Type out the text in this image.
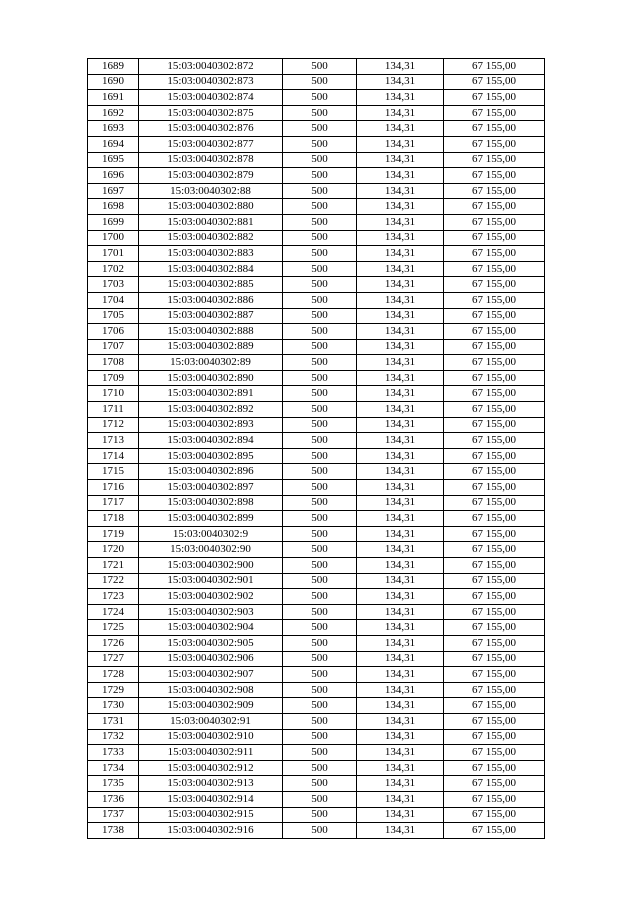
1689	15:03:0040302:872	500	134,31	67 155,00
1690	15:03:0040302:873	500	134,31	67 155,00
1691	15:03:0040302:874	500	134,31	67 155,00
1692	15:03:0040302:875	500	134,31	67 155,00
1693	15:03:0040302:876	500	134,31	67 155,00
1694	15:03:0040302:877	500	134,31	67 155,00
1695	15:03:0040302:878	500	134,31	67 155,00
1696	15:03:0040302:879	500	134,31	67 155,00
1697	15:03:0040302:88	500	134,31	67 155,00
1698	15:03:0040302:880	500	134,31	67 155,00
1699	15:03:0040302:881	500	134,31	67 155,00
1700	15:03:0040302:882	500	134,31	67 155,00
1701	15:03:0040302:883	500	134,31	67 155,00
1702	15:03:0040302:884	500	134,31	67 155,00
1703	15:03:0040302:885	500	134,31	67 155,00
1704	15:03:0040302:886	500	134,31	67 155,00
1705	15:03:0040302:887	500	134,31	67 155,00
1706	15:03:0040302:888	500	134,31	67 155,00
1707	15:03:0040302:889	500	134,31	67 155,00
1708	15:03:0040302:89	500	134,31	67 155,00
1709	15:03:0040302:890	500	134,31	67 155,00
1710	15:03:0040302:891	500	134,31	67 155,00
1711	15:03:0040302:892	500	134,31	67 155,00
1712	15:03:0040302:893	500	134,31	67 155,00
1713	15:03:0040302:894	500	134,31	67 155,00
1714	15:03:0040302:895	500	134,31	67 155,00
1715	15:03:0040302:896	500	134,31	67 155,00
1716	15:03:0040302:897	500	134,31	67 155,00
1717	15:03:0040302:898	500	134,31	67 155,00
1718	15:03:0040302:899	500	134,31	67 155,00
1719	15:03:0040302:9	500	134,31	67 155,00
1720	15:03:0040302:90	500	134,31	67 155,00
1721	15:03:0040302:900	500	134,31	67 155,00
1722	15:03:0040302:901	500	134,31	67 155,00
1723	15:03:0040302:902	500	134,31	67 155,00
1724	15:03:0040302:903	500	134,31	67 155,00
1725	15:03:0040302:904	500	134,31	67 155,00
1726	15:03:0040302:905	500	134,31	67 155,00
1727	15:03:0040302:906	500	134,31	67 155,00
1728	15:03:0040302:907	500	134,31	67 155,00
1729	15:03:0040302:908	500	134,31	67 155,00
1730	15:03:0040302:909	500	134,31	67 155,00
1731	15:03:0040302:91	500	134,31	67 155,00
1732	15:03:0040302:910	500	134,31	67 155,00
1733	15:03:0040302:911	500	134,31	67 155,00
1734	15:03:0040302:912	500	134,31	67 155,00
1735	15:03:0040302:913	500	134,31	67 155,00
1736	15:03:0040302:914	500	134,31	67 155,00
1737	15:03:0040302:915	500	134,31	67 155,00
1738	15:03:0040302:916	500	134,31	67 155,00
